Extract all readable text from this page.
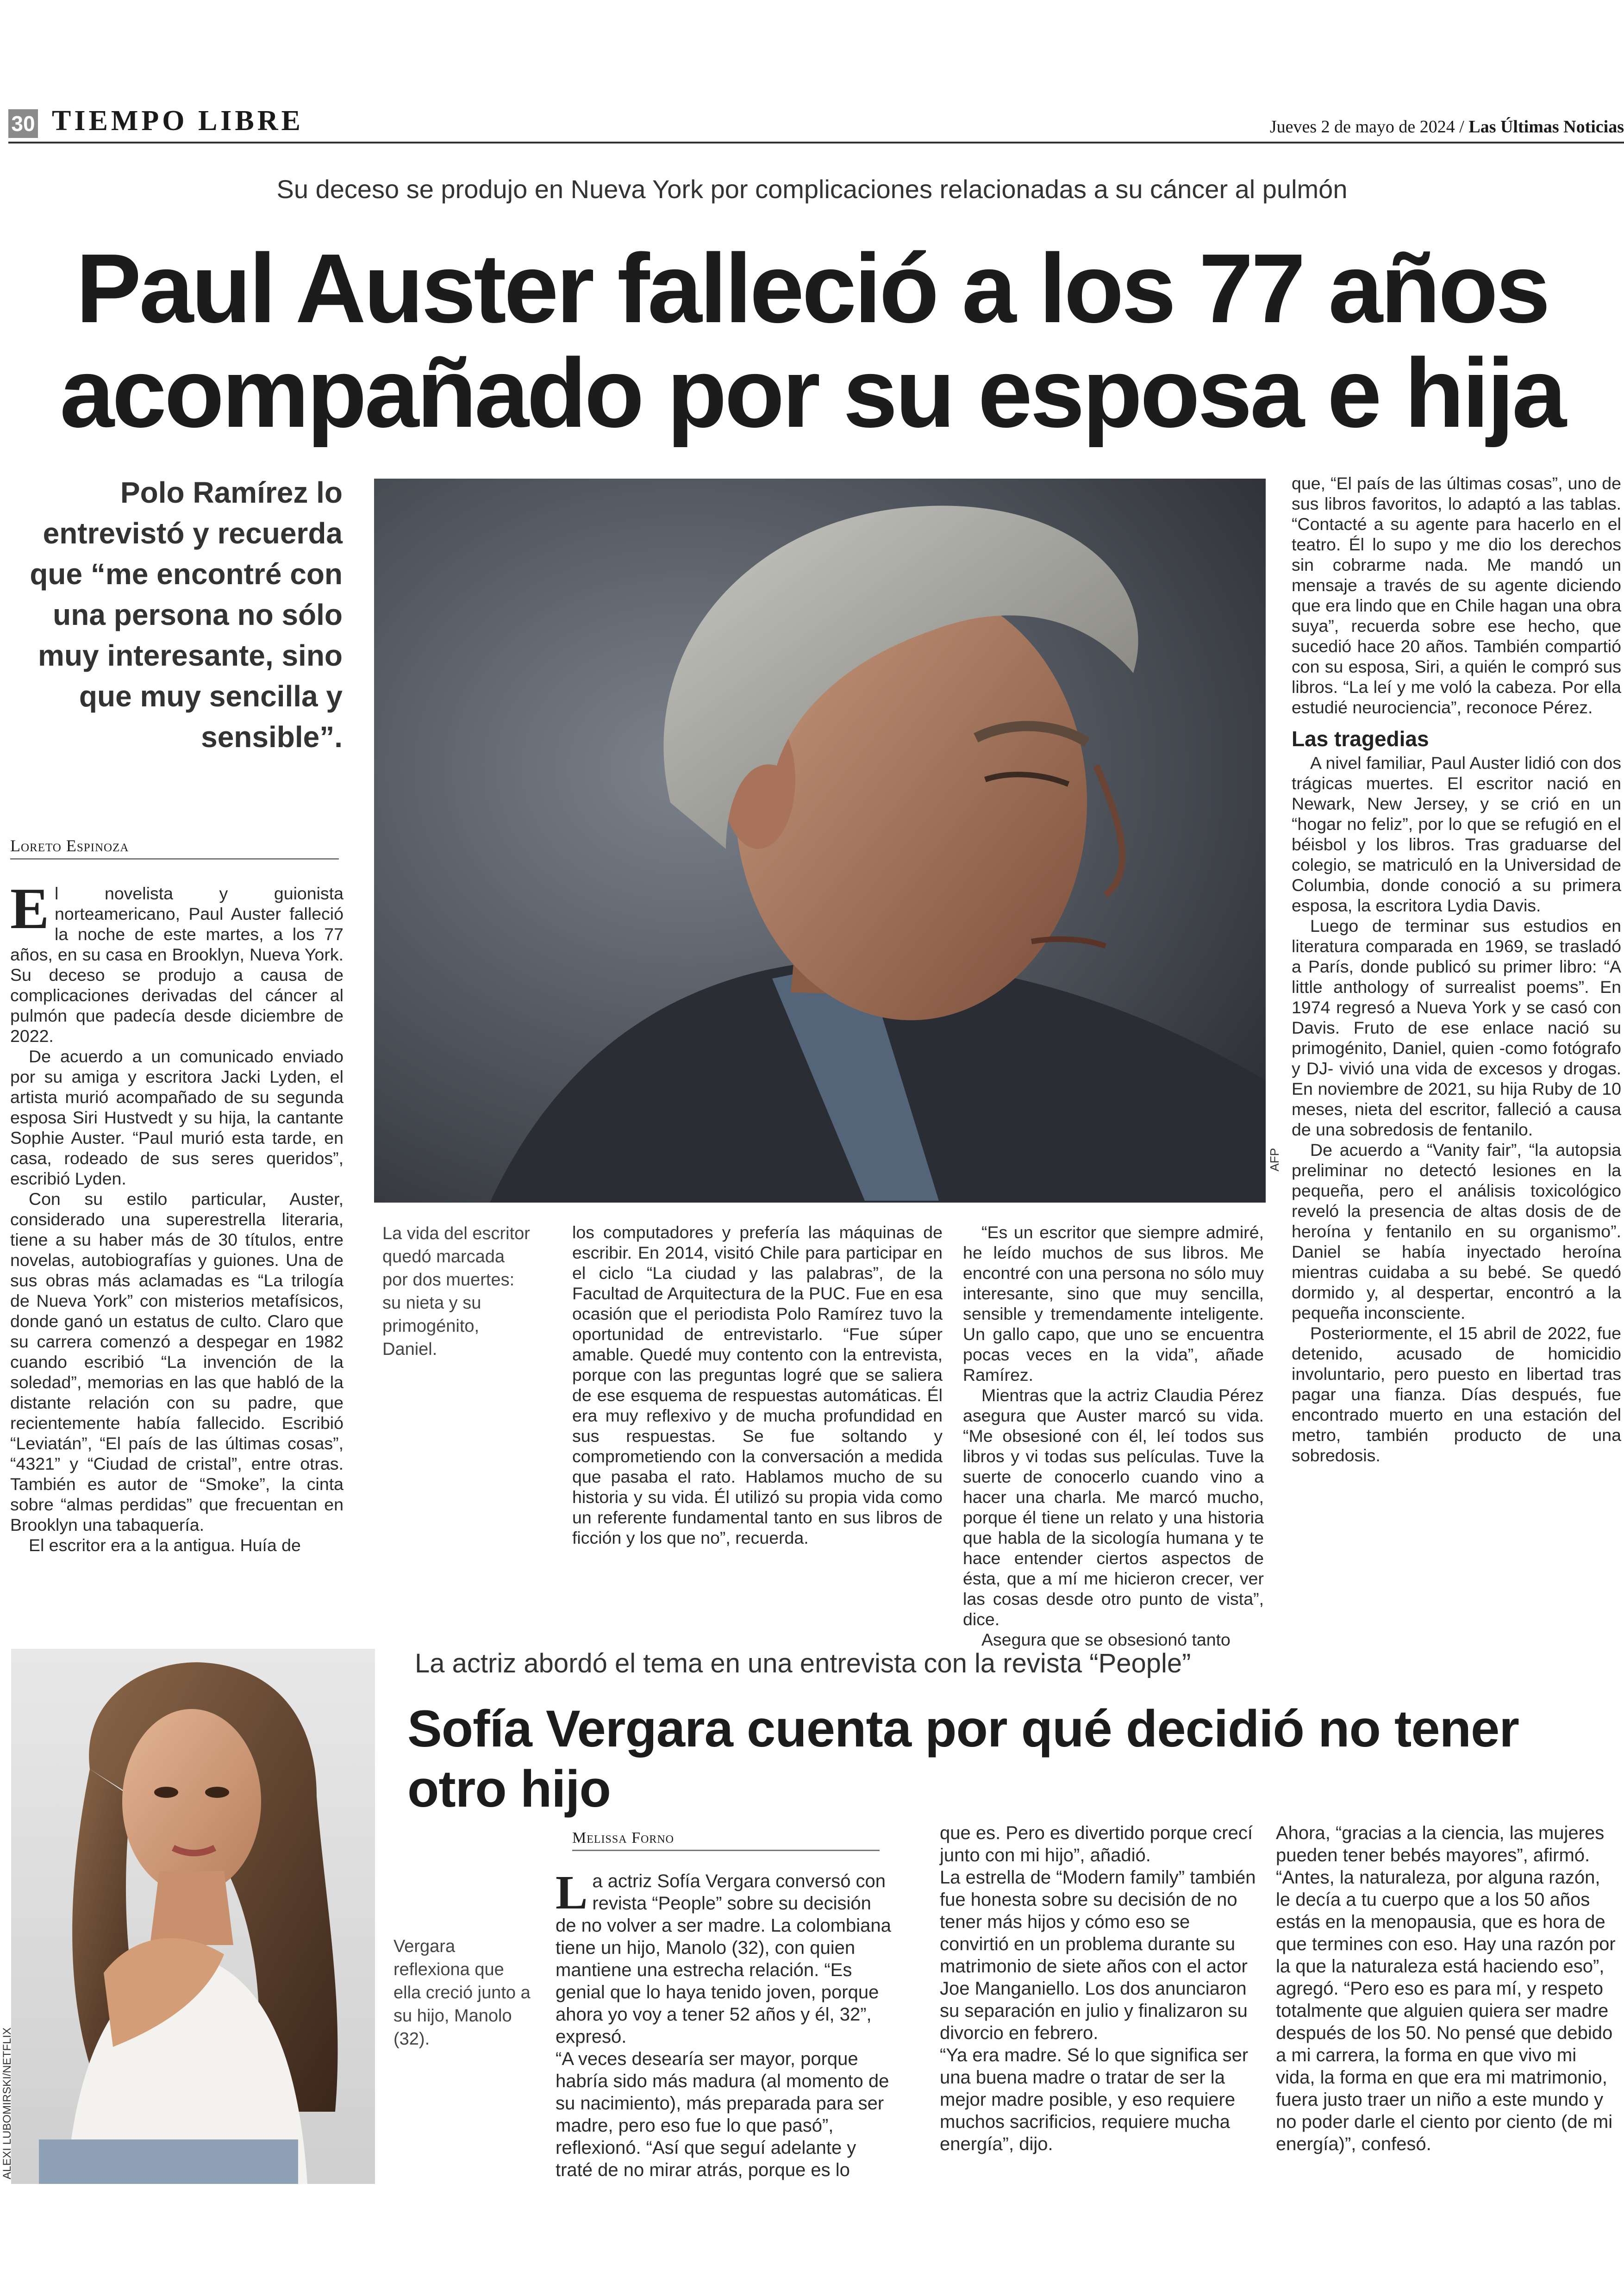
30 TIEMPO LIBRE	Jueves 2 de mayo de 2024 / Las Últimas Noticias
Su deceso se produjo en Nueva York por complicaciones relacionadas a su cáncer al pulmón
Paul Auster falleció a los 77 años
acompañado por su esposa e hija
Polo Ramírez lo entrevistó y recuerda que “me encontré con una persona no sólo muy interesante, sino que muy sencilla y sensible”.
Loreto Espinoza
AFP
La vida del escritor quedó marcada por dos muertes: su nieta y su primogénito, Daniel.

El novelista y guionista norteamericano, Paul Auster falleció la noche de este martes, a los 77 años, en su casa en Brooklyn, Nueva York. Su deceso se produjo a causa de complicaciones derivadas del cáncer al pulmón que padecía desde diciembre de 2022.

De acuerdo a un comunicado enviado por su amiga y escritora Jacki Lyden, el artista murió acompañado de su segunda esposa Siri Hustvedt y su hija, la cantante Sophie Auster. “Paul murió esta tarde, en casa, rodeado de sus seres queridos”, escribió Lyden.

Con su estilo particular, Auster, considerado una superestrella literaria, tiene a su haber más de 30 títulos, entre novelas, autobiografías y guiones. Una de sus obras más aclamadas es “La trilogía de Nueva York” con misterios metafísicos, donde ganó un estatus de culto. Claro que su carrera comenzó a despegar en 1982 cuando escribió “La invención de la soledad”, memorias en las que habló de la distante relación con su padre, que recientemente había fallecido. Escribió “Leviatán”, “El país de las últimas cosas”, “4321” y “Ciudad de cristal”, entre otras. También es autor de “Smoke”, la cinta sobre “almas perdidas” que frecuentan en Brooklyn una tabaquería.

El escritor era a la antigua. Huía de

los computadores y prefería las máquinas de escribir. En 2014, visitó Chile para participar en el ciclo “La ciudad y las palabras”, de la Facultad de Arquitectura de la PUC. Fue en esa ocasión que el periodista Polo Ramírez tuvo la oportunidad de entrevistarlo. “Fue súper amable. Quedé muy contento con la entrevista, porque con las preguntas logré que se saliera de ese esquema de respuestas automáticas. Él era muy reflexivo y de mucha profundidad en sus respuestas. Se fue soltando y comprometiendo con la conversación a medida que pasaba el rato. Hablamos mucho de su historia y su vida. Él utilizó su propia vida como un referente fundamental tanto en sus libros de ficción y los que no”, recuerda.

“Es un escritor que siempre admiré, he leído muchos de sus libros. Me encontré con una persona no sólo muy interesante, sino que muy sencilla, sensible y tremendamente inteligente. Un gallo capo, que uno se encuentra pocas veces en la vida”, añade Ramírez.

Mientras que la actriz Claudia Pérez asegura que Auster marcó su vida. “Me obsesioné con él, leí todos sus libros y vi todas sus películas. Tuve la suerte de conocerlo cuando vino a hacer una charla. Me marcó mucho, porque él tiene un relato y una historia que habla de la sicología humana y te hace entender ciertos aspectos de ésta, que a mí me hicieron crecer, ver las cosas desde otro punto de vista”, dice.

Asegura que se obsesionó tanto

que, “El país de las últimas cosas”, uno de sus libros favoritos, lo adaptó a las tablas. “Contacté a su agente para hacerlo en el teatro. Él lo supo y me dio los derechos sin cobrarme nada. Me mandó un mensaje a través de su agente diciendo que era lindo que en Chile hagan una obra suya”, recuerda sobre ese hecho, que sucedió hace 20 años. También compartió con su esposa, Siri, a quién le compró sus libros. “La leí y me voló la cabeza. Por ella estudié neurociencia”, reconoce Pérez.

Las tragedias

A nivel familiar, Paul Auster lidió con dos trágicas muertes. El escritor nació en Newark, New Jersey, y se crió en un “hogar no feliz”, por lo que se refugió en el béisbol y los libros. Tras graduarse del colegio, se matriculó en la Universidad de Columbia, donde conoció a su primera esposa, la escritora Lydia Davis.

Luego de terminar sus estudios en literatura comparada en 1969, se trasladó a París, donde publicó su primer libro: “A little anthology of surrealist poems”. En 1974 regresó a Nueva York y se casó con Davis. Fruto de ese enlace nació su primogénito, Daniel, quien -como fotógrafo y DJ- vivió una vida de excesos y drogas. En noviembre de 2021, su hija Ruby de 10 meses, nieta del escritor, falleció a causa de una sobredosis de fentanilo.

De acuerdo a “Vanity fair”, “la autopsia preliminar no detectó lesiones en la pequeña, pero el análisis toxicológico reveló la presencia de altas dosis de de heroína y fentanilo en su organismo”. Daniel se había inyectado heroína mientras cuidaba a su bebé. Se quedó dormido y, al despertar, encontró a la pequeña inconsciente.

Posteriormente, el 15 abril de 2022, fue detenido, acusado de homicidio involuntario, pero puesto en libertad tras pagar una fianza. Días después, fue encontrado muerto en una estación del metro, también producto de una sobredosis.

ALEXI LUBOMIRSKI/NETFLIX
Vergara reflexiona que ella creció junto a su hijo, Manolo (32).
La actriz abordó el tema en una entrevista con la revista “People”
Sofía Vergara cuenta por qué decidió no tener otro hijo
Melissa Forno

La actriz Sofía Vergara conversó con revista “People” sobre su decisión de no volver a ser madre. La colombiana tiene un hijo, Manolo (32), con quien mantiene una estrecha relación. “Es genial que lo haya tenido joven, porque ahora yo voy a tener 52 años y él, 32”, expresó.

“A veces desearía ser mayor, porque habría sido más madura (al momento de su nacimiento), más preparada para ser madre, pero eso fue lo que pasó”, reflexionó. “Así que seguí adelante y traté de no mirar atrás, porque es lo

que es. Pero es divertido porque crecí junto con mi hijo”, añadió.

La estrella de “Modern family” también fue honesta sobre su decisión de no tener más hijos y cómo eso se convirtió en un problema durante su matrimonio de siete años con el actor Joe Manganiello. Los dos anunciaron su separación en julio y finalizaron su divorcio en febrero.

“Ya era madre. Sé lo que significa ser una buena madre o tratar de ser la mejor madre posible, y eso requiere muchos sacrificios, requiere mucha energía”, dijo.

Ahora, “gracias a la ciencia, las mujeres pueden tener bebés mayores”, afirmó. “Antes, la naturaleza, por alguna razón, le decía a tu cuerpo que a los 50 años estás en la menopausia, que es hora de que termines con eso. Hay una razón por la que la naturaleza está haciendo eso”, agregó. “Pero eso es para mí, y respeto totalmente que alguien quiera ser madre después de los 50. No pensé que debido a mi carrera, la forma en que vivo mi vida, la forma en que era mi matrimonio, fuera justo traer un niño a este mundo y no poder darle el ciento por ciento (de mi energía)”, confesó.
